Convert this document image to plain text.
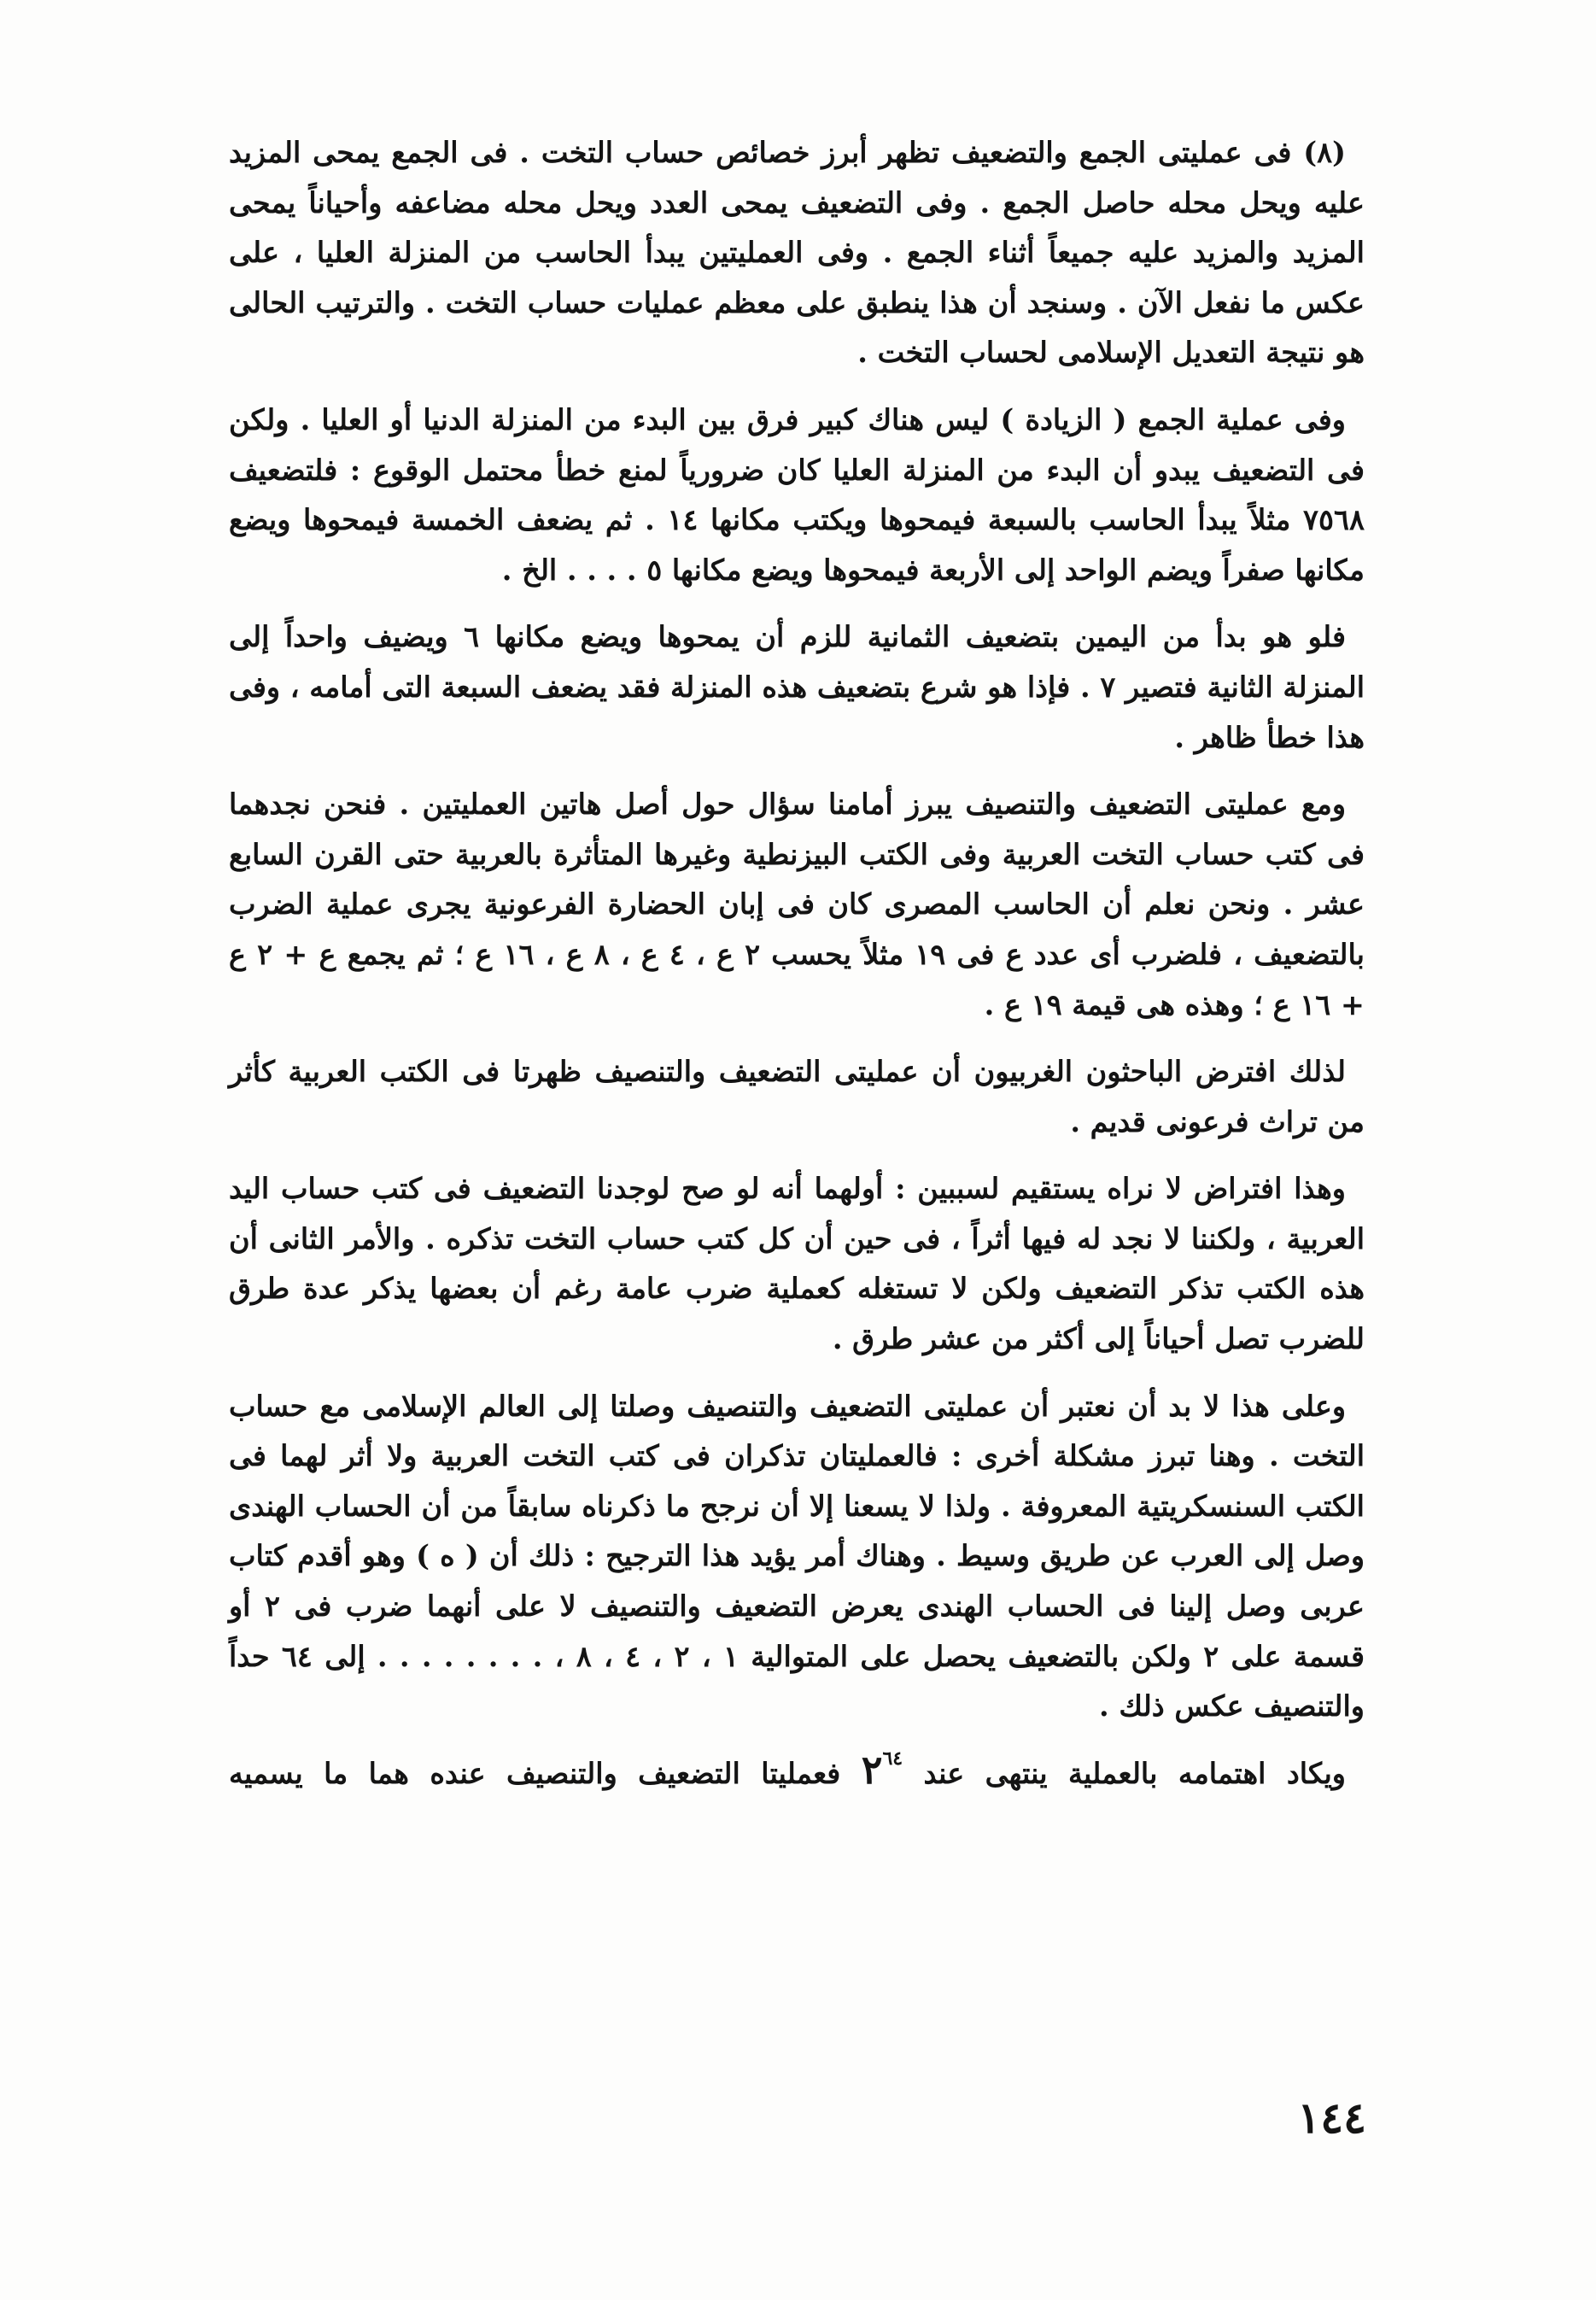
(٨) فى عمليتى الجمع والتضعيف تظهر أبرز خصائص حساب التخت . فى الجمع يمحى المزيد عليه ويحل محله حاصل الجمع . وفى التضعيف يمحى العدد ويحل محله مضاعفه وأحياناً يمحى المزيد والمزيد عليه جميعاً أثناء الجمع . وفى العمليتين يبدأ الحاسب من المنزلة العليا ، على عكس ما نفعل الآن . وسنجد أن هذا ينطبق على معظم عمليات حساب التخت . والترتيب الحالى هو نتيجة التعديل الإسلامى لحساب التخت .

وفى عملية الجمع ( الزيادة ) ليس هناك كبير فرق بين البدء من المنزلة الدنيا أو العليا . ولكن فى التضعيف يبدو أن البدء من المنزلة العليا كان ضرورياً لمنع خطأ محتمل الوقوع : فلتضعيف ٧٥٦٨ مثلاً يبدأ الحاسب بالسبعة فيمحوها ويكتب مكانها ١٤ . ثم يضعف الخمسة فيمحوها ويضع مكانها صفراً ويضم الواحد إلى الأربعة فيمحوها ويضع مكانها ٥ . . . . الخ .

فلو هو بدأ من اليمين بتضعيف الثمانية للزم أن يمحوها ويضع مكانها ٦ ويضيف واحداً إلى المنزلة الثانية فتصير ٧ . فإذا هو شرع بتضعيف هذه المنزلة فقد يضعف السبعة التى أمامه ، وفى هذا خطأ ظاهر .

ومع عمليتى التضعيف والتنصيف يبرز أمامنا سؤال حول أصل هاتين العمليتين . فنحن نجدهما فى كتب حساب التخت العربية وفى الكتب البيزنطية وغيرها المتأثرة بالعربية حتى القرن السابع عشر . ونحن نعلم أن الحاسب المصرى كان فى إبان الحضارة الفرعونية يجرى عملية الضرب بالتضعيف ، فلضرب أى عدد ع فى ١٩ مثلاً يحسب ٢ ع ، ٤ ع ، ٨ ع ، ١٦ ع ؛ ثم يجمع ع + ٢ ع + ١٦ ع ؛ وهذه هى قيمة ١٩ ع .

لذلك افترض الباحثون الغربيون أن عمليتى التضعيف والتنصيف ظهرتا فى الكتب العربية كأثر من تراث فرعونى قديم .

وهذا افتراض لا نراه يستقيم لسببين : أولهما أنه لو صح لوجدنا التضعيف فى كتب حساب اليد العربية ، ولكننا لا نجد له فيها أثراً ، فى حين أن كل كتب حساب التخت تذكره . والأمر الثانى أن هذه الكتب تذكر التضعيف ولكن لا تستغله كعملية ضرب عامة رغم أن بعضها يذكر عدة طرق للضرب تصل أحياناً إلى أكثر من عشر طرق .

وعلى هذا لا بد أن نعتبر أن عمليتى التضعيف والتنصيف وصلتا إلى العالم الإسلامى مع حساب التخت . وهنا تبرز مشكلة أخرى : فالعمليتان تذكران فى كتب التخت العربية ولا أثر لهما فى الكتب السنسكريتية المعروفة . ولذا لا يسعنا إلا أن نرجح ما ذكرناه سابقاً من أن الحساب الهندى وصل إلى العرب عن طريق وسيط . وهناك أمر يؤيد هذا الترجيح : ذلك أن ( ه ) وهو أقدم كتاب عربى وصل إلينا فى الحساب الهندى يعرض التضعيف والتنصيف لا على أنهما ضرب فى ٢ أو قسمة على ٢ ولكن بالتضعيف يحصل على المتوالية ١ ، ٢ ، ٤ ، ٨ ، . . . . . . . . إلى ٦٤ حداً والتنصيف عكس ذلك .

ويكاد اهتمامه بالعملية ينتهى عند $٢^{٦٤}$ فعمليتا التضعيف والتنصيف عنده هما ما يسميه

١٤٤
